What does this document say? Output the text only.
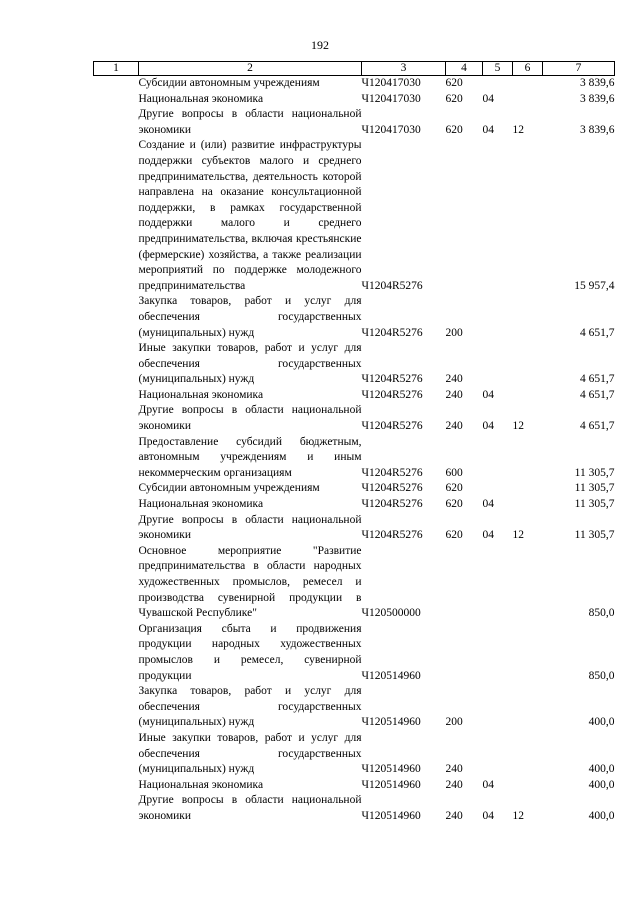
192
1	2	3	4	5	6	7
	Субсидии автономным учреждениям	Ч120417030	620			3 839,6
	Национальная экономика	Ч120417030	620	04		3 839,6
	Другие вопросы в области национальной экономики	Ч120417030	620	04	12	3 839,6
	Создание и (или) развитие инфраструктуры поддержки субъектов малого и среднего предпринимательства, деятельность которой направлена на оказание консультационной поддержки, в рамках государственной поддержки малого и среднего предпринимательства, включая крестьянские (фермерские) хозяйства, а также реализации мероприятий по поддержке молодежного предпринимательства	Ч1204R5276				15 957,4
	Закупка товаров, работ и услуг для обеспечения государственных (муниципальных) нужд	Ч1204R5276	200			4 651,7
	Иные закупки товаров, работ и услуг для обеспечения государственных (муниципальных) нужд	Ч1204R5276	240			4 651,7
	Национальная экономика	Ч1204R5276	240	04		4 651,7
	Другие вопросы в области национальной экономики	Ч1204R5276	240	04	12	4 651,7
	Предоставление субсидий бюджетным, автономным учреждениям и иным некоммерческим организациям	Ч1204R5276	600			11 305,7
	Субсидии автономным учреждениям	Ч1204R5276	620			11 305,7
	Национальная экономика	Ч1204R5276	620	04		11 305,7
	Другие вопросы в области национальной экономики	Ч1204R5276	620	04	12	11 305,7
	Основное мероприятие "Развитие предпринимательства в области народных художественных промыслов, ремесел и производства сувенирной продукции в Чувашской Республике"	Ч120500000				850,0
	Организация сбыта и продвижения продукции народных художественных промыслов и ремесел, сувенирной продукции	Ч120514960				850,0
	Закупка товаров, работ и услуг для обеспечения государственных (муниципальных) нужд	Ч120514960	200			400,0
	Иные закупки товаров, работ и услуг для обеспечения государственных (муниципальных) нужд	Ч120514960	240			400,0
	Национальная экономика	Ч120514960	240	04		400,0
	Другие вопросы в области национальной экономики	Ч120514960	240	04	12	400,0
